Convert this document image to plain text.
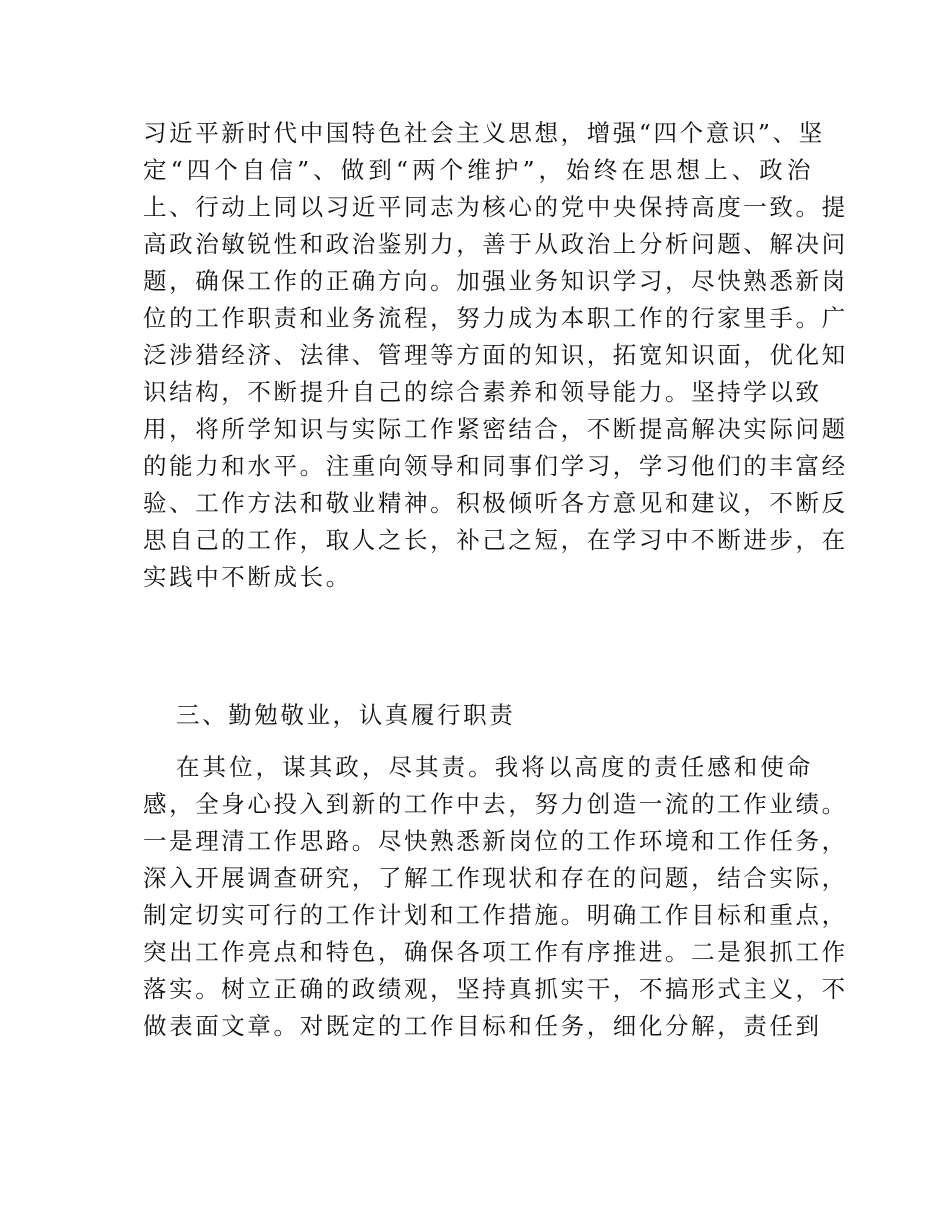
习近平新时代中国特色社会主义思想，增强“四个意识”、坚
定“四个自信”、做到“两个维护”，始终在思想上、政治
上、行动上同以习近平同志为核心的党中央保持高度一致。提
高政治敏锐性和政治鉴别力，善于从政治上分析问题、解决问
题，确保工作的正确方向。加强业务知识学习，尽快熟悉新岗
位的工作职责和业务流程，努力成为本职工作的行家里手。广
泛涉猎经济、法律、管理等方面的知识，拓宽知识面，优化知
识结构，不断提升自己的综合素养和领导能力。坚持学以致
用，将所学知识与实际工作紧密结合，不断提高解决实际问题
的能力和水平。注重向领导和同事们学习，学习他们的丰富经
验、工作方法和敬业精神。积极倾听各方意见和建议，不断反
思自己的工作，取人之长，补己之短，在学习中不断进步，在
实践中不断成长。
三、勤勉敬业，认真履行职责
在其位，谋其政，尽其责。我将以高度的责任感和使命
感，全身心投入到新的工作中去，努力创造一流的工作业绩。
一是理清工作思路。尽快熟悉新岗位的工作环境和工作任务，
深入开展调查研究，了解工作现状和存在的问题，结合实际，
制定切实可行的工作计划和工作措施。明确工作目标和重点，
突出工作亮点和特色，确保各项工作有序推进。二是狠抓工作
落实。树立正确的政绩观，坚持真抓实干，不搞形式主义，不
做表面文章。对既定的工作目标和任务，细化分解，责任到
